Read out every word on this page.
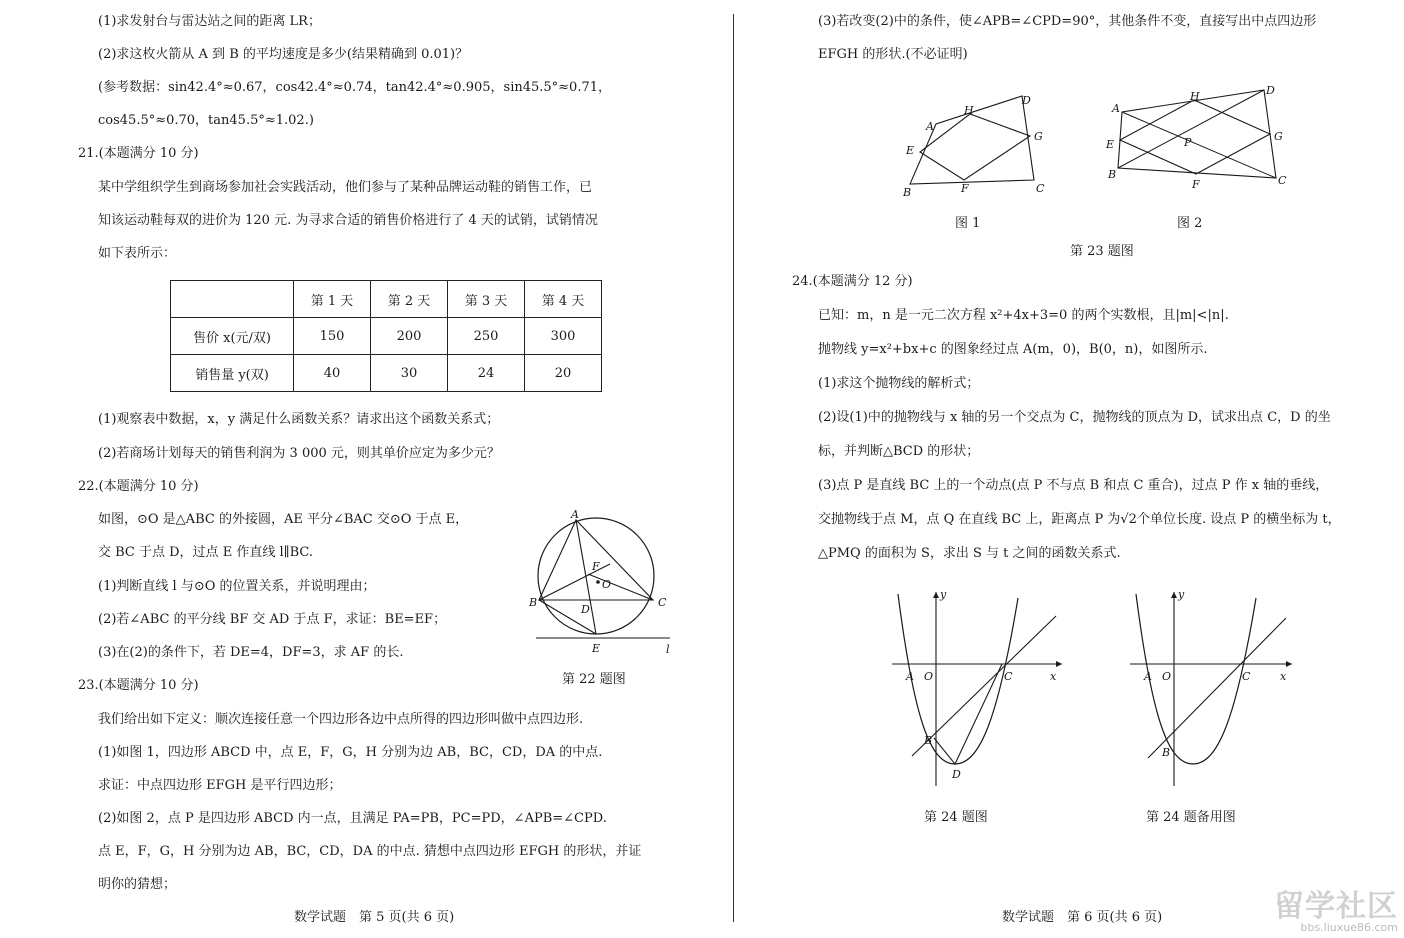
(1)求发射台与雷达站之间的距离 LR；
(2)求这枚火箭从 A 到 B 的平均速度是多少(结果精确到 0.01)？
(参考数据：sin42.4°≈0.67，cos42.4°≈0.74，tan42.4°≈0.905，sin45.5°≈0.71，
cos45.5°≈0.70，tan45.5°≈1.02.)
21.(本题满分 10 分)
某中学组织学生到商场参加社会实践活动，他们参与了某种品牌运动鞋的销售工作，已
知该运动鞋每双的进价为 120 元. 为寻求合适的销售价格进行了 4 天的试销，试销情况
如下表所示：
	第 1 天	第 2 天	第 3 天	第 4 天
售价 x(元/双)	150	200	250	300
销售量 y(双)	40	30	24	20
(1)观察表中数据，x，y 满足什么函数关系？请求出这个函数关系式；
(2)若商场计划每天的销售利润为 3 000 元，则其单价应定为多少元？
22.(本题满分 10 分)
如图，⊙O 是△ABC 的外接圆，AE 平分∠BAC 交⊙O 于点 E，
交 BC 于点 D，过点 E 作直线 l∥BC.
(1)判断直线 l 与⊙O 的位置关系，并说明理由；
(2)若∠ABC 的平分线 BF 交 AD 于点 F，求证：BE=EF；
(3)在(2)的条件下，若 DE=4，DF=3，求 AF 的长.
A
B	C
D
E
F
O
l
第 22 题图
23.(本题满分 10 分)
我们给出如下定义：顺次连接任意一个四边形各边中点所得的四边形叫做中点四边形.
(1)如图 1，四边形 ABCD 中，点 E，F，G，H 分别为边 AB，BC，CD，DA 的中点.
求证：中点四边形 EFGH 是平行四边形；
(2)如图 2，点 P 是四边形 ABCD 内一点，且满足 PA=PB，PC=PD，∠APB=∠CPD.
点 E，F，G，H 分别为边 AB，BC，CD，DA 的中点. 猜想中点四边形 EFGH 的形状，并证
明你的猜想；
数学试题　第 5 页(共 6 页)
(3)若改变(2)中的条件，使∠APB=∠CPD=90°，其他条件不变，直接写出中点四边形
EFGH 的形状.(不必证明)
A
B	C
D
E
F
G
H	A
B	C
D
E
F
G
H
P
图 1	图 2
第 23 题图
24.(本题满分 12 分)
已知：m，n 是一元二次方程 x²+4x+3=0 的两个实数根，且|m|<|n|.
抛物线 y=x²+bx+c 的图象经过点 A(m，0)，B(0，n)，如图所示.
(1)求这个抛物线的解析式；
(2)设(1)中的抛物线与 x 轴的另一个交点为 C，抛物线的顶点为 D，试求出点 C，D 的坐
标，并判断△BCD 的形状；
(3)点 P 是直线 BC 上的一个动点(点 P 不与点 B 和点 C 重合)，过点 P 作 x 轴的垂线，
交抛物线于点 M，点 Q 在直线 BC 上，距离点 P 为√2个单位长度. 设点 P 的横坐标为 t，
△PMQ 的面积为 S，求出 S 与 t 之间的函数关系式.
A O	C	x
y
B
D
第 24 题图
A O	C	x
y
B
第 24 题备用图
数学试题　第 6 页(共 6 页)	留学社区
bbs.liuxue86.com
